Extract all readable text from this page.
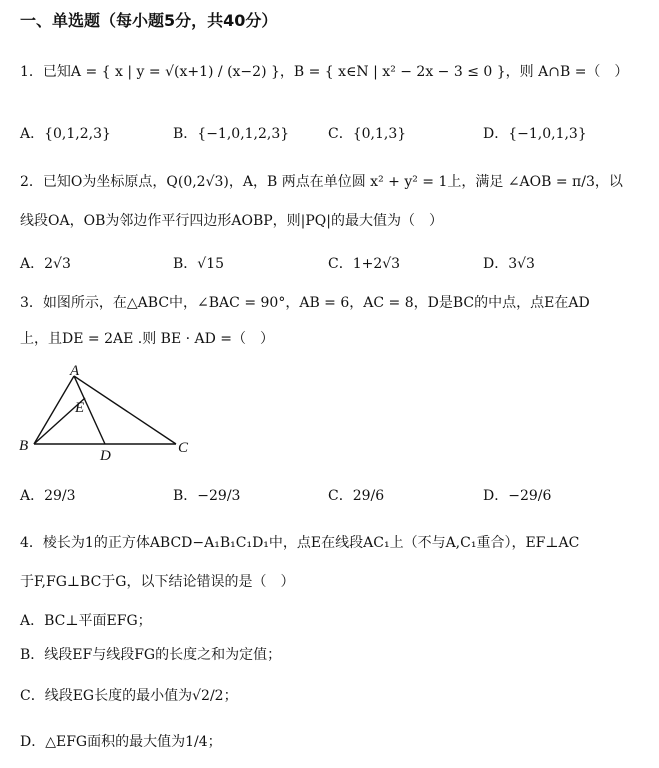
一、单选题（每小题5分，共40分）
1．已知A = { x | y = √(x+1) / (x−2) }，B = { x∈N | x² − 2x − 3 ≤ 0 }，则 A∩B =（　）
A．{0,1,2,3}	B．{−1,0,1,2,3}	C．{0,1,3}	D．{−1,0,1,3}
2．已知O为坐标原点，Q(0,2√3)，A，B 两点在单位圆 x² + y² = 1上，满足 ∠AOB = π/3，以
线段OA，OB为邻边作平行四边形AOBP，则|PQ|的最大值为（　）
A．2√3	B．√15	C．1+2√3	D．3√3
3．如图所示，在△ABC中，∠BAC = 90°，AB = 6，AC = 8，D是BC的中点，点E在AD
上，且DE = 2AE .则 BE · AD =（　）
A
E
B
D	C
A．29/3	B．−29/3	C．29/6	D．−29/6
4．棱长为1的正方体ABCD−A₁B₁C₁D₁中，点E在线段AC₁上（不与A,C₁重合），EF⊥AC
于F,FG⊥BC于G，以下结论错误的是（　）
A．BC⊥平面EFG；
B．线段EF与线段FG的长度之和为定值；
C．线段EG长度的最小值为√2/2；
D．△EFG面积的最大值为1/4；
